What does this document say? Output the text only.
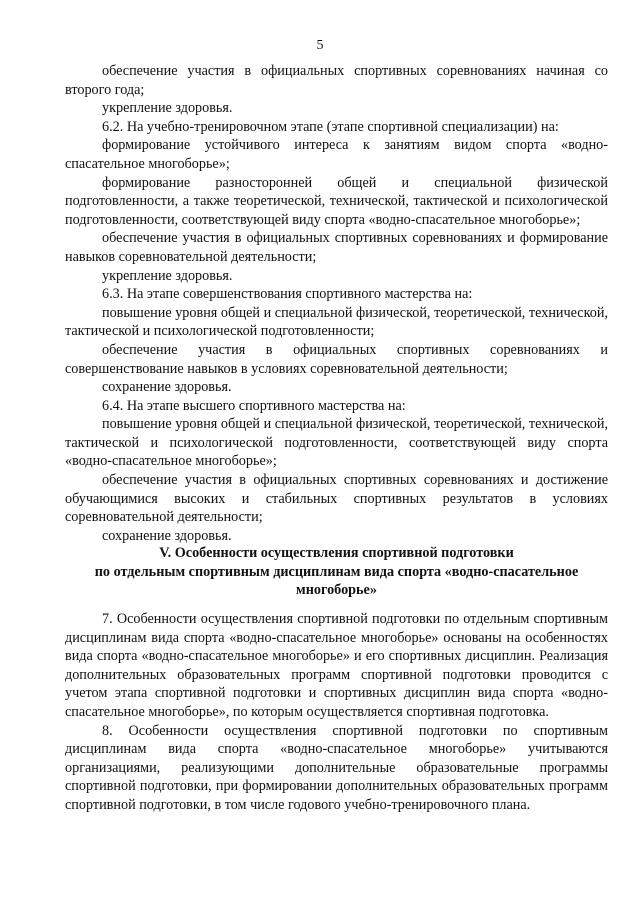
5

обеспечение участия в официальных спортивных соревнованиях начиная со второго года;

укрепление здоровья.

6.2. На учебно-тренировочном этапе (этапе спортивной специализации) на:

формирование устойчивого интереса к занятиям видом спорта «водно-спасательное многоборье»;

формирование разносторонней общей и специальной физической подготовленности, а также теоретической, технической, тактической и психологической подготовленности, соответствующей виду спорта «водно-спасательное многоборье»;

обеспечение участия в официальных спортивных соревнованиях и формирование навыков соревновательной деятельности;

укрепление здоровья.

6.3. На этапе совершенствования спортивного мастерства на:

повышение уровня общей и специальной физической, теоретической, технической, тактической и психологической подготовленности;

обеспечение участия в официальных спортивных соревнованиях и совершенствование навыков в условиях соревновательной деятельности;

сохранение здоровья.

6.4. На этапе высшего спортивного мастерства на:

повышение уровня общей и специальной физической, теоретической, технической, тактической и психологической подготовленности, соответствующей виду спорта «водно-спасательное многоборье»;

обеспечение участия в официальных спортивных соревнованиях и достижение обучающимися высоких и стабильных спортивных результатов в условиях соревновательной деятельности;

сохранение здоровья.

V. Особенности осуществления спортивной подготовки
по отдельным спортивным дисциплинам вида спорта «водно-спасательное
многоборье»

7. Особенности осуществления спортивной подготовки по отдельным спортивным дисциплинам вида спорта «водно-спасательное многоборье» основаны на особенностях вида спорта «водно-спасательное многоборье» и его спортивных дисциплин. Реализация дополнительных образовательных программ спортивной подготовки проводится с учетом этапа спортивной подготовки и спортивных дисциплин вида спорта «водно-спасательное многоборье», по которым осуществляется спортивная подготовка.

8. Особенности осуществления спортивной подготовки по спортивным дисциплинам вида спорта «водно-спасательное многоборье» учитываются организациями, реализующими дополнительные образовательные программы спортивной подготовки, при формировании дополнительных образовательных программ спортивной подготовки, в том числе годового учебно-тренировочного плана.
